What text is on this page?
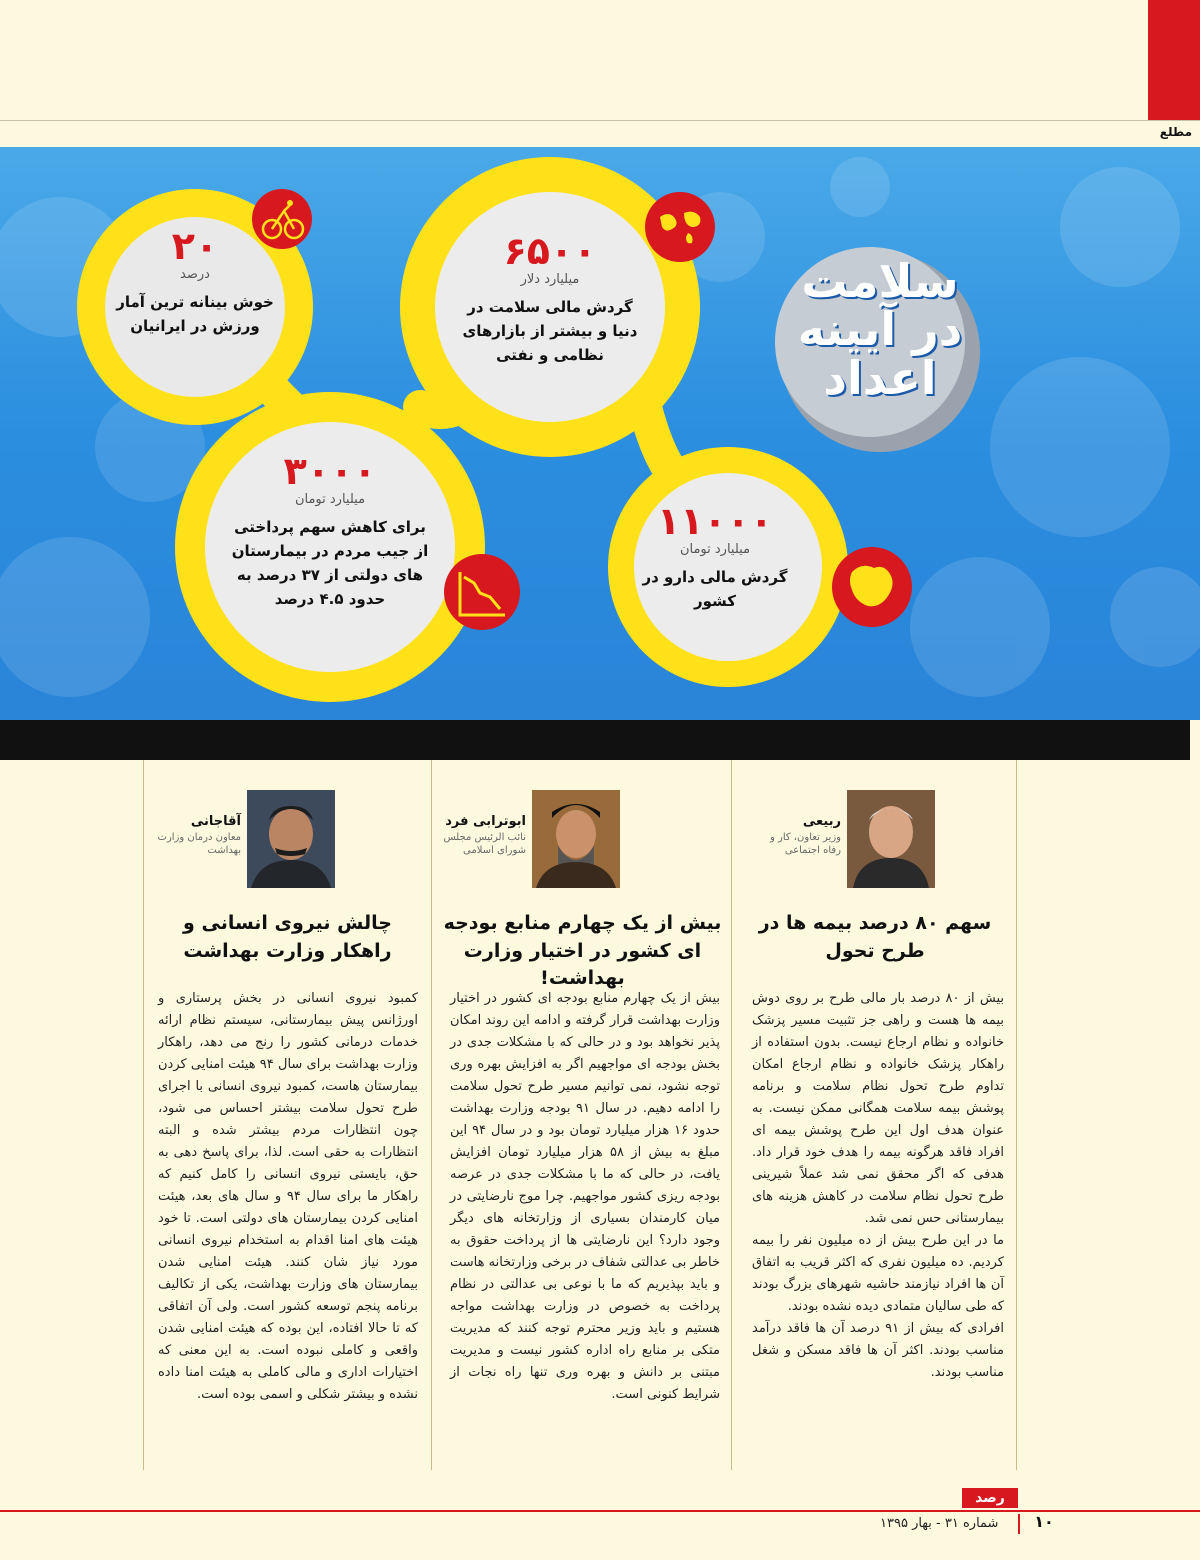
مطلع
سلامت
در آیینه
اعداد
۲۰
درصد
خوش بینانه ترین آمار ورزش در ایرانیان
۶۵۰۰
میلیارد دلار
گردش مالی سلامت در دنیا و بیشتر از بازارهای نظامی و نفتی
۳۰۰۰
میلیارد تومان
برای کاهش سهم پرداختی از جیب مردم در بیمارستان های دولتی از ۳۷ درصد به حدود ۴.۵ درصد
۱۱۰۰۰
میلیارد تومان
گردش مالی دارو در کشور
ربیعی
وزیر تعاون، کار و رفاه اجتماعی
سهم ۸۰ درصد بیمه ها در طرح تحول

بیش از ۸۰ درصد بار مالی طرح بر روی دوش بیمه ها هست و راهی جز تثبیت مسیر پزشک خانواده و نظام ارجاع نیست. بدون استفاده از راهکار پزشک خانواده و نظام ارجاع امکان تداوم طرح تحول نظام سلامت و برنامه پوشش بیمه سلامت همگانی ممکن نیست. به عنوان هدف اول این طرح پوشش بیمه ای افراد فاقد هرگونه بیمه را هدف خود قرار داد. هدفی که اگر محقق نمی شد عملاً شیرینی طرح تحول نظام سلامت در کاهش هزینه های بیمارستانی حس نمی شد.

ما در این طرح بیش از ده میلیون نفر را بیمه کردیم. ده میلیون نفری که اکثر قریب به اتفاق آن ها افراد نیازمند حاشیه شهرهای بزرگ بودند که طی سالیان متمادی دیده نشده بودند.

افرادی که بیش از ۹۱ درصد آن ها فاقد درآمد مناسب بودند. اکثر آن ها فاقد مسکن و شغل مناسب بودند.

ابوترابی فرد
نائب الرئیس مجلس شورای اسلامی
بیش از یک چهارم منابع بودجه ای کشور در اختیار وزارت بهداشت!

بیش از یک چهارم منابع بودجه ای کشور در اختیار وزارت بهداشت قرار گرفته و ادامه این روند امکان پذیر نخواهد بود و در حالی که با مشکلات جدی در بخش بودجه ای مواجهیم اگر به افزایش بهره وری توجه نشود، نمی توانیم مسیر طرح تحول سلامت را ادامه دهیم. در سال ۹۱ بودجه وزارت بهداشت حدود ۱۶ هزار میلیارد تومان بود و در سال ۹۴ این مبلغ به بیش از ۵۸ هزار میلیارد تومان افزایش یافت، در حالی که ما با مشکلات جدی در عرصه بودجه ریزی کشور مواجهیم. چرا موج نارضایتی در میان کارمندان بسیاری از وزارتخانه های دیگر وجود دارد؟ این نارضایتی ها از پرداخت حقوق به خاطر بی عدالتی شفاف در برخی وزارتخانه هاست و باید بپذیریم که ما با نوعی بی عدالتی در نظام پرداخت به خصوص در وزارت بهداشت مواجه هستیم و باید وزیر محترم توجه کنند که مدیریت متکی بر منابع راه اداره کشور نیست و مدیریت مبتنی بر دانش و بهره وری تنها راه نجات از شرایط کنونی است.

آقاجانی
معاون درمان وزارت بهداشت
چالش نیروی انسانی و راهکار وزارت بهداشت

کمبود نیروی انسانی در بخش پرستاری و اورژانس پیش بیمارستانی، سیستم نظام ارائه خدمات درمانی کشور را رنج می دهد، راهکار وزارت بهداشت برای سال ۹۴ هیئت امنایی کردن بیمارستان هاست، کمبود نیروی انسانی با اجرای طرح تحول سلامت بیشتر احساس می شود، چون انتظارات مردم بیشتر شده و البته انتظارات به حقی است. لذا، برای پاسخ دهی به حق، بایستی نیروی انسانی را کامل کنیم که راهکار ما برای سال ۹۴ و سال های بعد، هیئت امنایی کردن بیمارستان های دولتی است. تا خود هیئت های امنا اقدام به استخدام نیروی انسانی مورد نیاز شان کنند. هیئت امنایی شدن بیمارستان های وزارت بهداشت، یکی از تکالیف برنامه پنجم توسعه کشور است. ولی آن اتفاقی که تا حالا افتاده، این بوده که هیئت امنایی شدن واقعی و کاملی نبوده است. به این معنی که اختیارات اداری و مالی کاملی به هیئت امنا داده نشده و بیشتر شکلی و اسمی بوده است.

رصد
شماره ۳۱ - بهار ۱۳۹۵	۱۰
